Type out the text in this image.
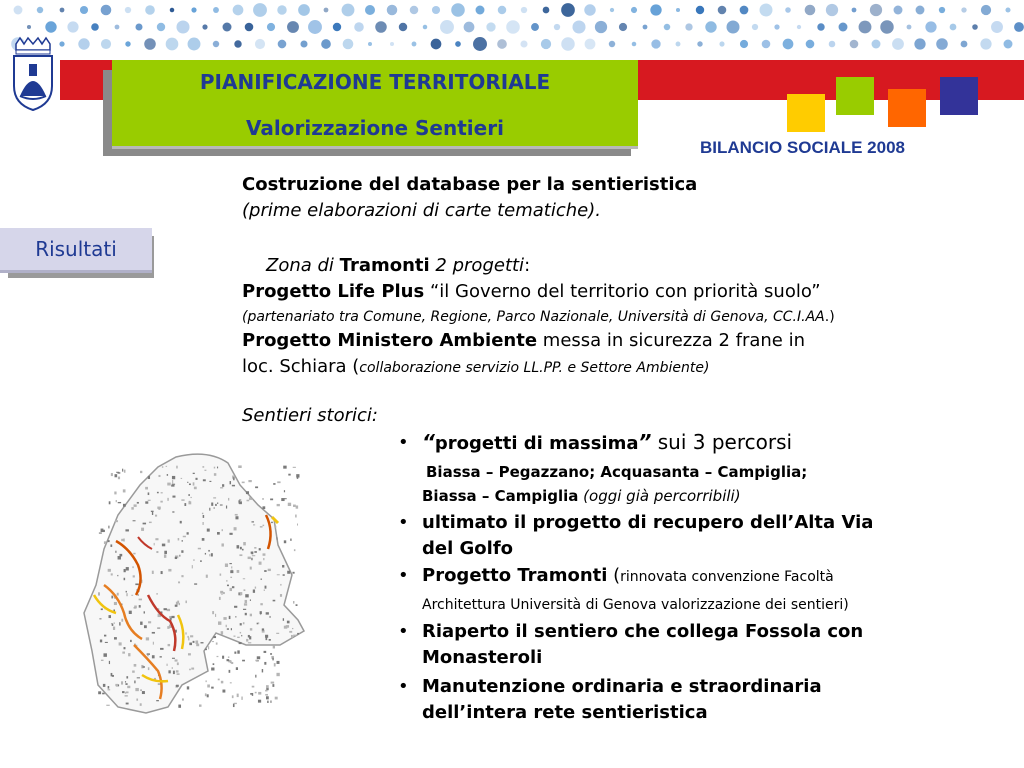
PIANIFICAZIONE TERRITORIALE
Valorizzazione Sentieri
BILANCIO SOCIALE 2008
Risultati
Costruzione del database per la sentieristica
(prime elaborazioni di carte tematiche).
Zona di Tramonti 2 progetti:
Progetto Life Plus “il Governo del territorio con priorità suolo”
(partenariato tra Comune, Regione, Parco Nazionale, Università di Genova, CC.I.AA.)
Progetto Ministero Ambiente messa in sicurezza 2 frane in
loc. Schiara (collaborazione servizio LL.PP. e Settore Ambiente)
Sentieri storici:
• “progetti di massima” sui 3 percorsi
Biassa – Pegazzano; Acquasanta – Campiglia;
Biassa – Campiglia (oggi già percorribili)
• ultimato il progetto di recupero dell’Alta Via
del Golfo
• Progetto Tramonti (rinnovata convenzione Facoltà
Architettura Università di Genova valorizzazione dei sentieri)
• Riaperto il sentiero che collega Fossola con
Monasteroli
• Manutenzione ordinaria e straordinaria
dell’intera rete sentieristica
